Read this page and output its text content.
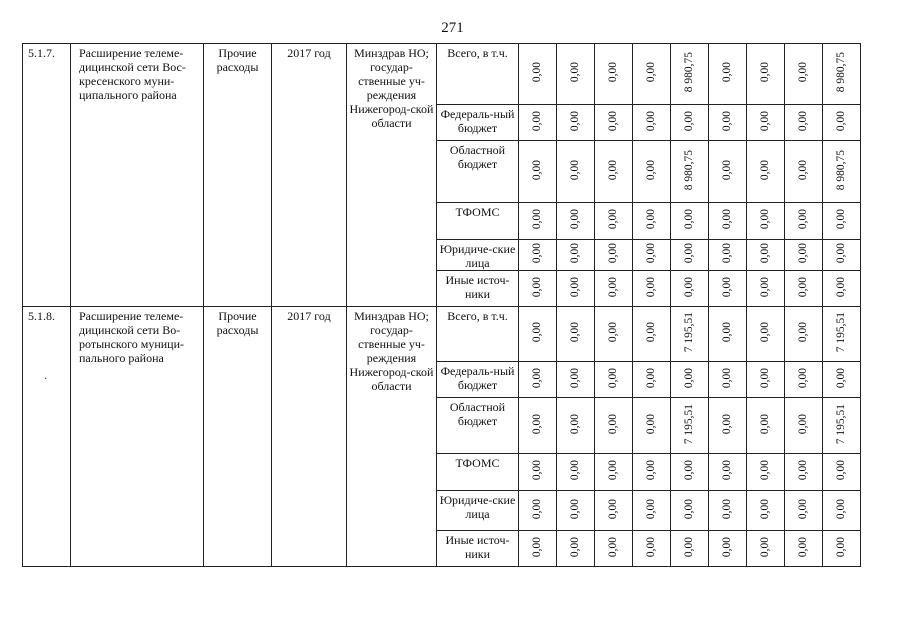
271
·
5.1.7.	Расширение телеме-дицинской сети Вос-кресенского муни-ципального района	Прочие расходы	2017 год	Минздрав НО; государ-ственные уч-реждения Нижегород-ской области	Всего, в т.ч.	0,00	0,00	0,00	0,00	8 980,75	0,00	0,00	0,00	8 980,75
					Федераль-ный бюджет	0,00	0,00	0,00	0,00	0,00	0,00	0,00	0,00	0,00
					Областной бюджет	0,00	0,00	0,00	0,00	8 980,75	0,00	0,00	0,00	8 980,75
					ТФОМС	0,00	0,00	0,00	0,00	0,00	0,00	0,00	0,00	0,00
					Юридиче-ские лица	0,00	0,00	0,00	0,00	0,00	0,00	0,00	0,00	0,00
					Иные источ-ники	0,00	0,00	0,00	0,00	0,00	0,00	0,00	0,00	0,00
5.1.8.	Расширение телеме-дицинской сети Во-ротынского муници-пального района	Прочие расходы	2017 год	Минздрав НО; государ-ственные уч-реждения Нижегород-ской области	Всего, в т.ч.	0,00	0,00	0,00	0,00	7 195,51	0,00	0,00	0,00	7 195,51
					Федераль-ный бюджет	0,00	0,00	0,00	0,00	0,00	0,00	0,00	0,00	0,00
					Областной бюджет	0,00	0,00	0,00	0,00	7 195,51	0,00	0,00	0,00	7 195,51
					ТФОМС	0,00	0,00	0,00	0,00	0,00	0,00	0,00	0,00	0,00
					Юридиче-ские лица	0,00	0,00	0,00	0,00	0,00	0,00	0,00	0,00	0,00
					Иные источ-ники	0,00	0,00	0,00	0,00	0,00	0,00	0,00	0,00	0,00
